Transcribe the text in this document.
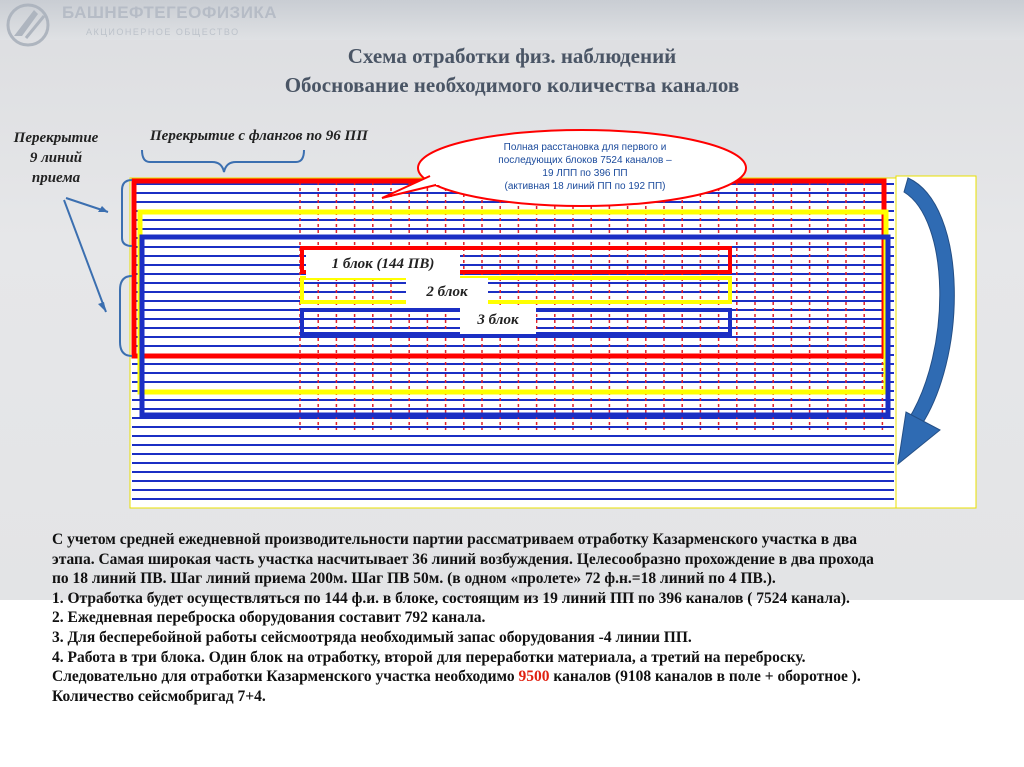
БАШНЕФТЕГЕОФИЗИКА
АКЦИОНЕРНОЕ ОБЩЕСТВО
Схема отработки физ. наблюдений
Обоснование необходимого количества каналов
Перекрытие
9 линий
приема
Перекрытие с флангов по 96 ПП
Полная расстановка для первого и
последующих блоков 7524 каналов –
19 ЛПП по 396 ПП
(активная 18 линий ПП по 192 ПП)
1 блок (144 ПВ)
2 блок
3 блок
С учетом средней ежедневной производительности партии рассматриваем отработку Казарменского участка в два
этапа. Самая широкая часть участка насчитывает 36 линий возбуждения. Целесообразно прохождение в два прохода
по 18 линий ПВ. Шаг линий приема 200м. Шаг ПВ 50м. (в одном «пролете» 72 ф.н.=18 линий по 4 ПВ.).
1. Отработка будет осуществляться по 144 ф.и. в блоке, состоящим из 19 линий ПП по 396 каналов ( 7524 канала).
2. Ежедневная переброска оборудования составит 792 канала.
3. Для бесперебойной работы сейсмоотряда необходимый запас оборудования -4 линии ПП.
4. Работа в три блока. Один блок на отработку, второй для переработки материала, а третий на переброску.
Следовательно для отработки Казарменского участка необходимо 9500 каналов (9108 каналов в поле + оборотное ).
Количество сейсмобригад 7+4.
